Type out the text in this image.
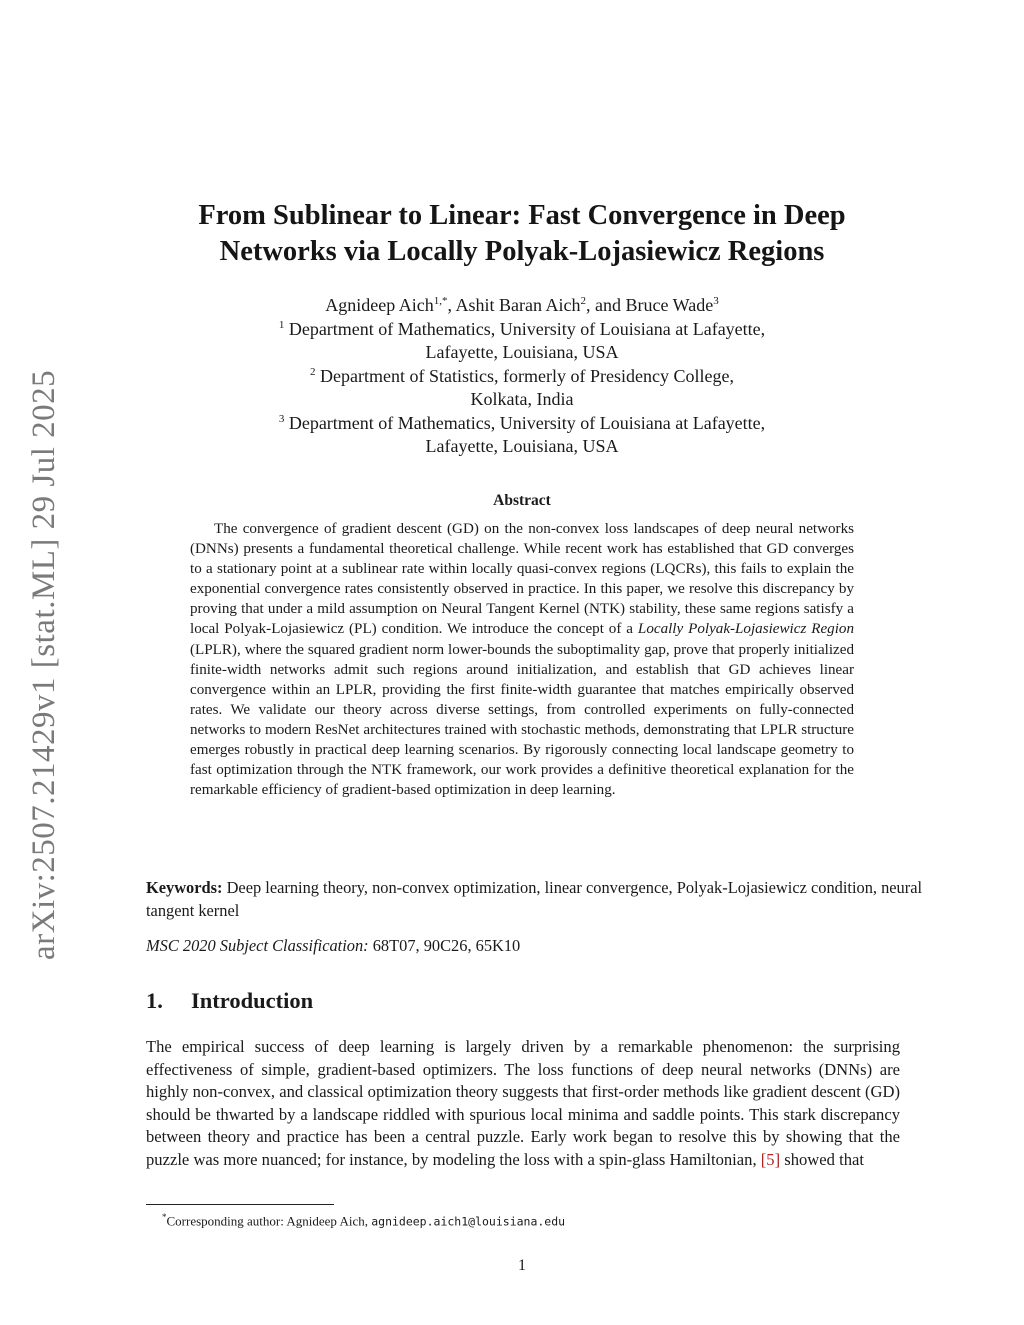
arXiv:2507.21429v1 [stat.ML] 29 Jul 2025
From Sublinear to Linear: Fast Convergence in Deep
Networks via Locally Polyak-Lojasiewicz Regions
Agnideep Aich$^{1,*}$, Ashit Baran Aich$^2$, and Bruce Wade$^3$
$^1$ Department of Mathematics, University of Louisiana at Lafayette,
Lafayette, Louisiana, USA
$^2$ Department of Statistics, formerly of Presidency College,
Kolkata, India
$^3$ Department of Mathematics, University of Louisiana at Lafayette,
Lafayette, Louisiana, USA
Abstract

The convergence of gradient descent (GD) on the non-convex loss landscapes of deep neural networks (DNNs) presents a fundamental theoretical challenge. While recent work has established that GD converges to a stationary point at a sublinear rate within locally quasi-convex regions (LQCRs), this fails to explain the exponential convergence rates consistently observed in practice. In this paper, we resolve this discrepancy by proving that under a mild assumption on Neural Tangent Kernel (NTK) stability, these same regions satisfy a local Polyak-Lojasiewicz (PL) condition. We introduce the concept of a Locally Polyak-Lojasiewicz Region (LPLR), where the squared gradient norm lower-bounds the suboptimality gap, prove that properly initialized finite-width networks admit such regions around initialization, and establish that GD achieves linear convergence within an LPLR, providing the first finite-width guarantee that matches empirically observed rates. We validate our theory across diverse settings, from controlled experiments on fully-connected networks to modern ResNet architectures trained with stochastic methods, demonstrating that LPLR structure emerges robustly in practical deep learning scenarios. By rigorously connecting local landscape geometry to fast optimization through the NTK framework, our work provides a definitive theoretical explanation for the remarkable efficiency of gradient-based optimization in deep learning.

Keywords: Deep learning theory, non-convex optimization, linear convergence, Polyak-Lojasiewicz condition, neural tangent kernel

MSC 2020 Subject Classification: 68T07, 90C26, 65K10

1. Introduction

The empirical success of deep learning is largely driven by a remarkable phenomenon: the surprising effectiveness of simple, gradient-based optimizers. The loss functions of deep neural networks (DNNs) are highly non-convex, and classical optimization theory suggests that first-order methods like gradient descent (GD) should be thwarted by a landscape riddled with spurious local minima and saddle points. This stark discrepancy between theory and practice has been a central puzzle. Early work began to resolve this by showing that the puzzle was more nuanced; for instance, by modeling the loss with a spin-glass Hamiltonian, [5] showed that

*Corresponding author: Agnideep Aich, agnideep.aich1@louisiana.edu
1
